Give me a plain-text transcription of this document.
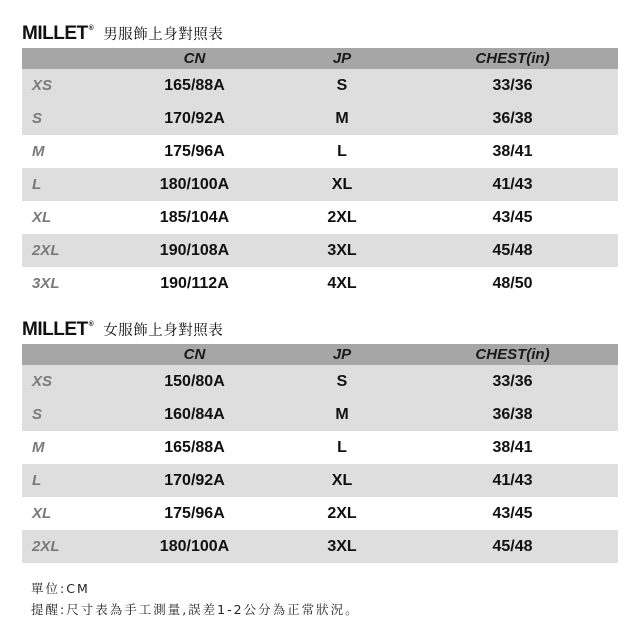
MILLET ® 男服飾上身對照表
	CN	JP	CHEST(in)
XS	165/88A	S	33/36
S	170/92A	M	36/38
M	175/96A	L	38/41
L	180/100A	XL	41/43
XL	185/104A	2XL	43/45
2XL	190/108A	3XL	45/48
3XL	190/112A	4XL	48/50
MILLET ® 女服飾上身對照表
	CN	JP	CHEST(in)
XS	150/80A	S	33/36
S	160/84A	M	36/38
M	165/88A	L	38/41
L	170/92A	XL	41/43
XL	175/96A	2XL	43/45
2XL	180/100A	3XL	45/48
單位:CM
提醒:尺寸表為手工測量,誤差1-2公分為正常狀況。
